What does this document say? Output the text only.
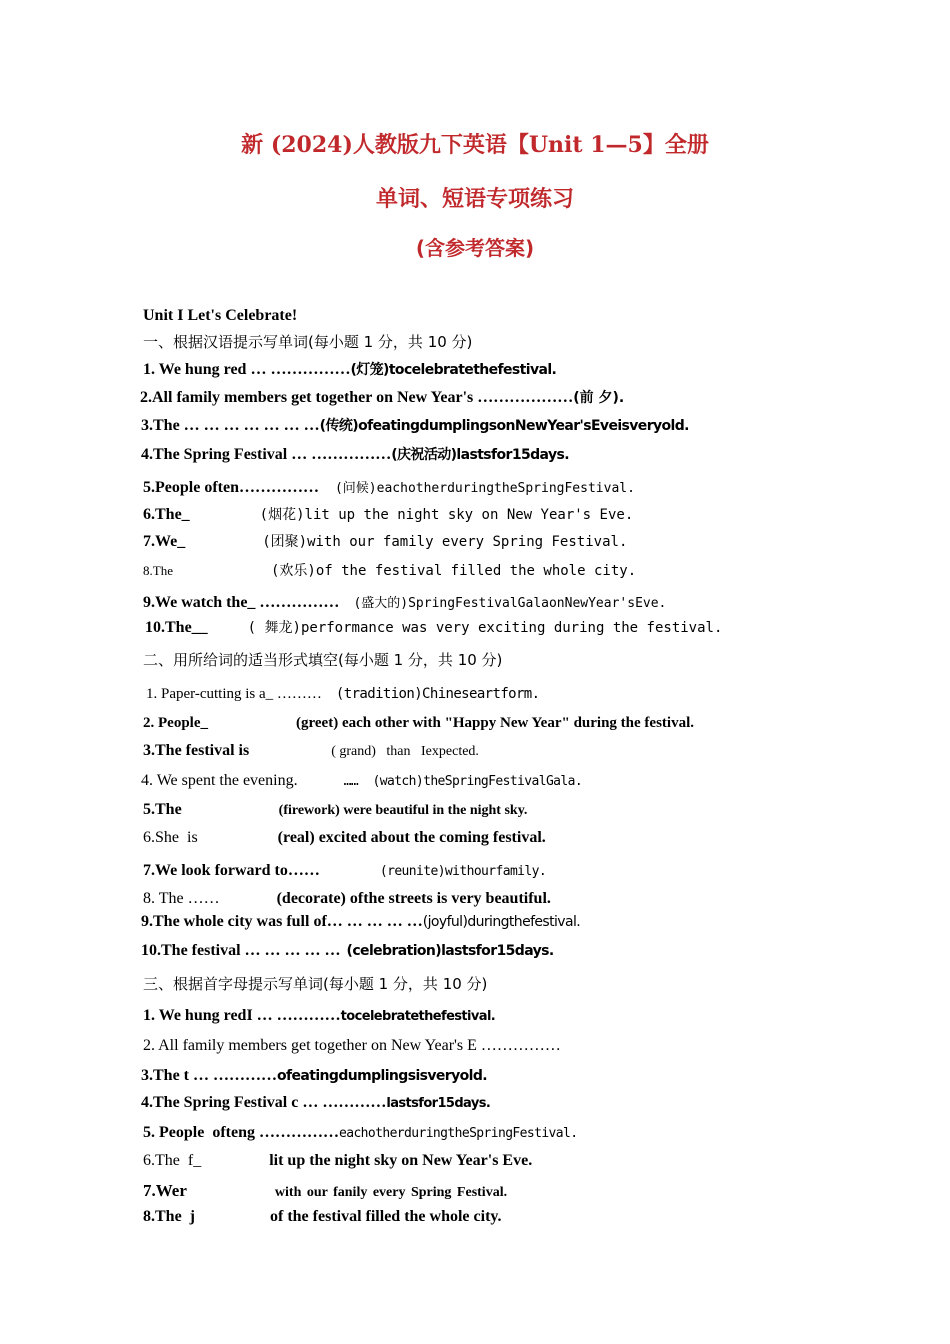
新 (2024)人教版九下英语【Unit 1—5】全册
单词、短语专项练习
(含参考答案)
Unit I Let's Celebrate!
一、根据汉语提示写单词(每小题 1 分，共 10 分)
1. We hung red … ……………(灯笼)tocelebratethefestival.
2.All family members get together on New Year's ………………(前 夕).
3.The … … … … … … …(传统)ofeatingdumplingsonNewYear'sEveisveryold.
4.The Spring Festival … ……………(庆祝活动)lastsfor15days.
5.People often…………… (问候)eachotherduringtheSpringFestival.
6.The_	(烟花)lit up the night sky on New Year's Eve.
7.We_	(团聚)with our family every Spring Festival.
8.The	(欢乐)of the festival filled the whole city.
9.We watch the_ …………… (盛大的)SpringFestivalGalaonNewYear'sEve.
10.The__	( 舞龙)performance was very exciting during the festival.
二、用所给词的适当形式填空(每小题 1 分，共 10 分)
1. Paper-cutting is a_ ……… (tradition)Chineseartform.
2. People_	(greet) each other with "Happy New Year" during the festival.
3.The festival is	( grand)   than   Iexpected.
4. We spent the evening.	……  (watch)theSpringFestivalGala.
5.The	(firework) were beautiful in the night sky.
6.She  is	(real) excited about the coming festival.
7.We look forward to……	(reunite)withourfamily.
8. The ……	(decorate) ofthe streets is very beautiful.
9.The whole city was full of… … … … …(joyful)duringthefestival.
10.The festival … … … … … (celebration)lastsfor15days.
三、根据首字母提示写单词(每小题 1 分，共 10 分)
1. We hung redI … …………tocelebratethefestival.
2. All family members get together on New Year's E ……………
3.The t … …………ofeatingdumplingsisveryold.
4.The Spring Festival c … …………lastsfor15days.
5. People  ofteng ……………eachotherduringtheSpringFestival.
6.The  f_	lit up the night sky on New Year's Eve.
7.Wer	with our fanily every Spring Festival.
8.The  j	of the festival filled the whole city.
